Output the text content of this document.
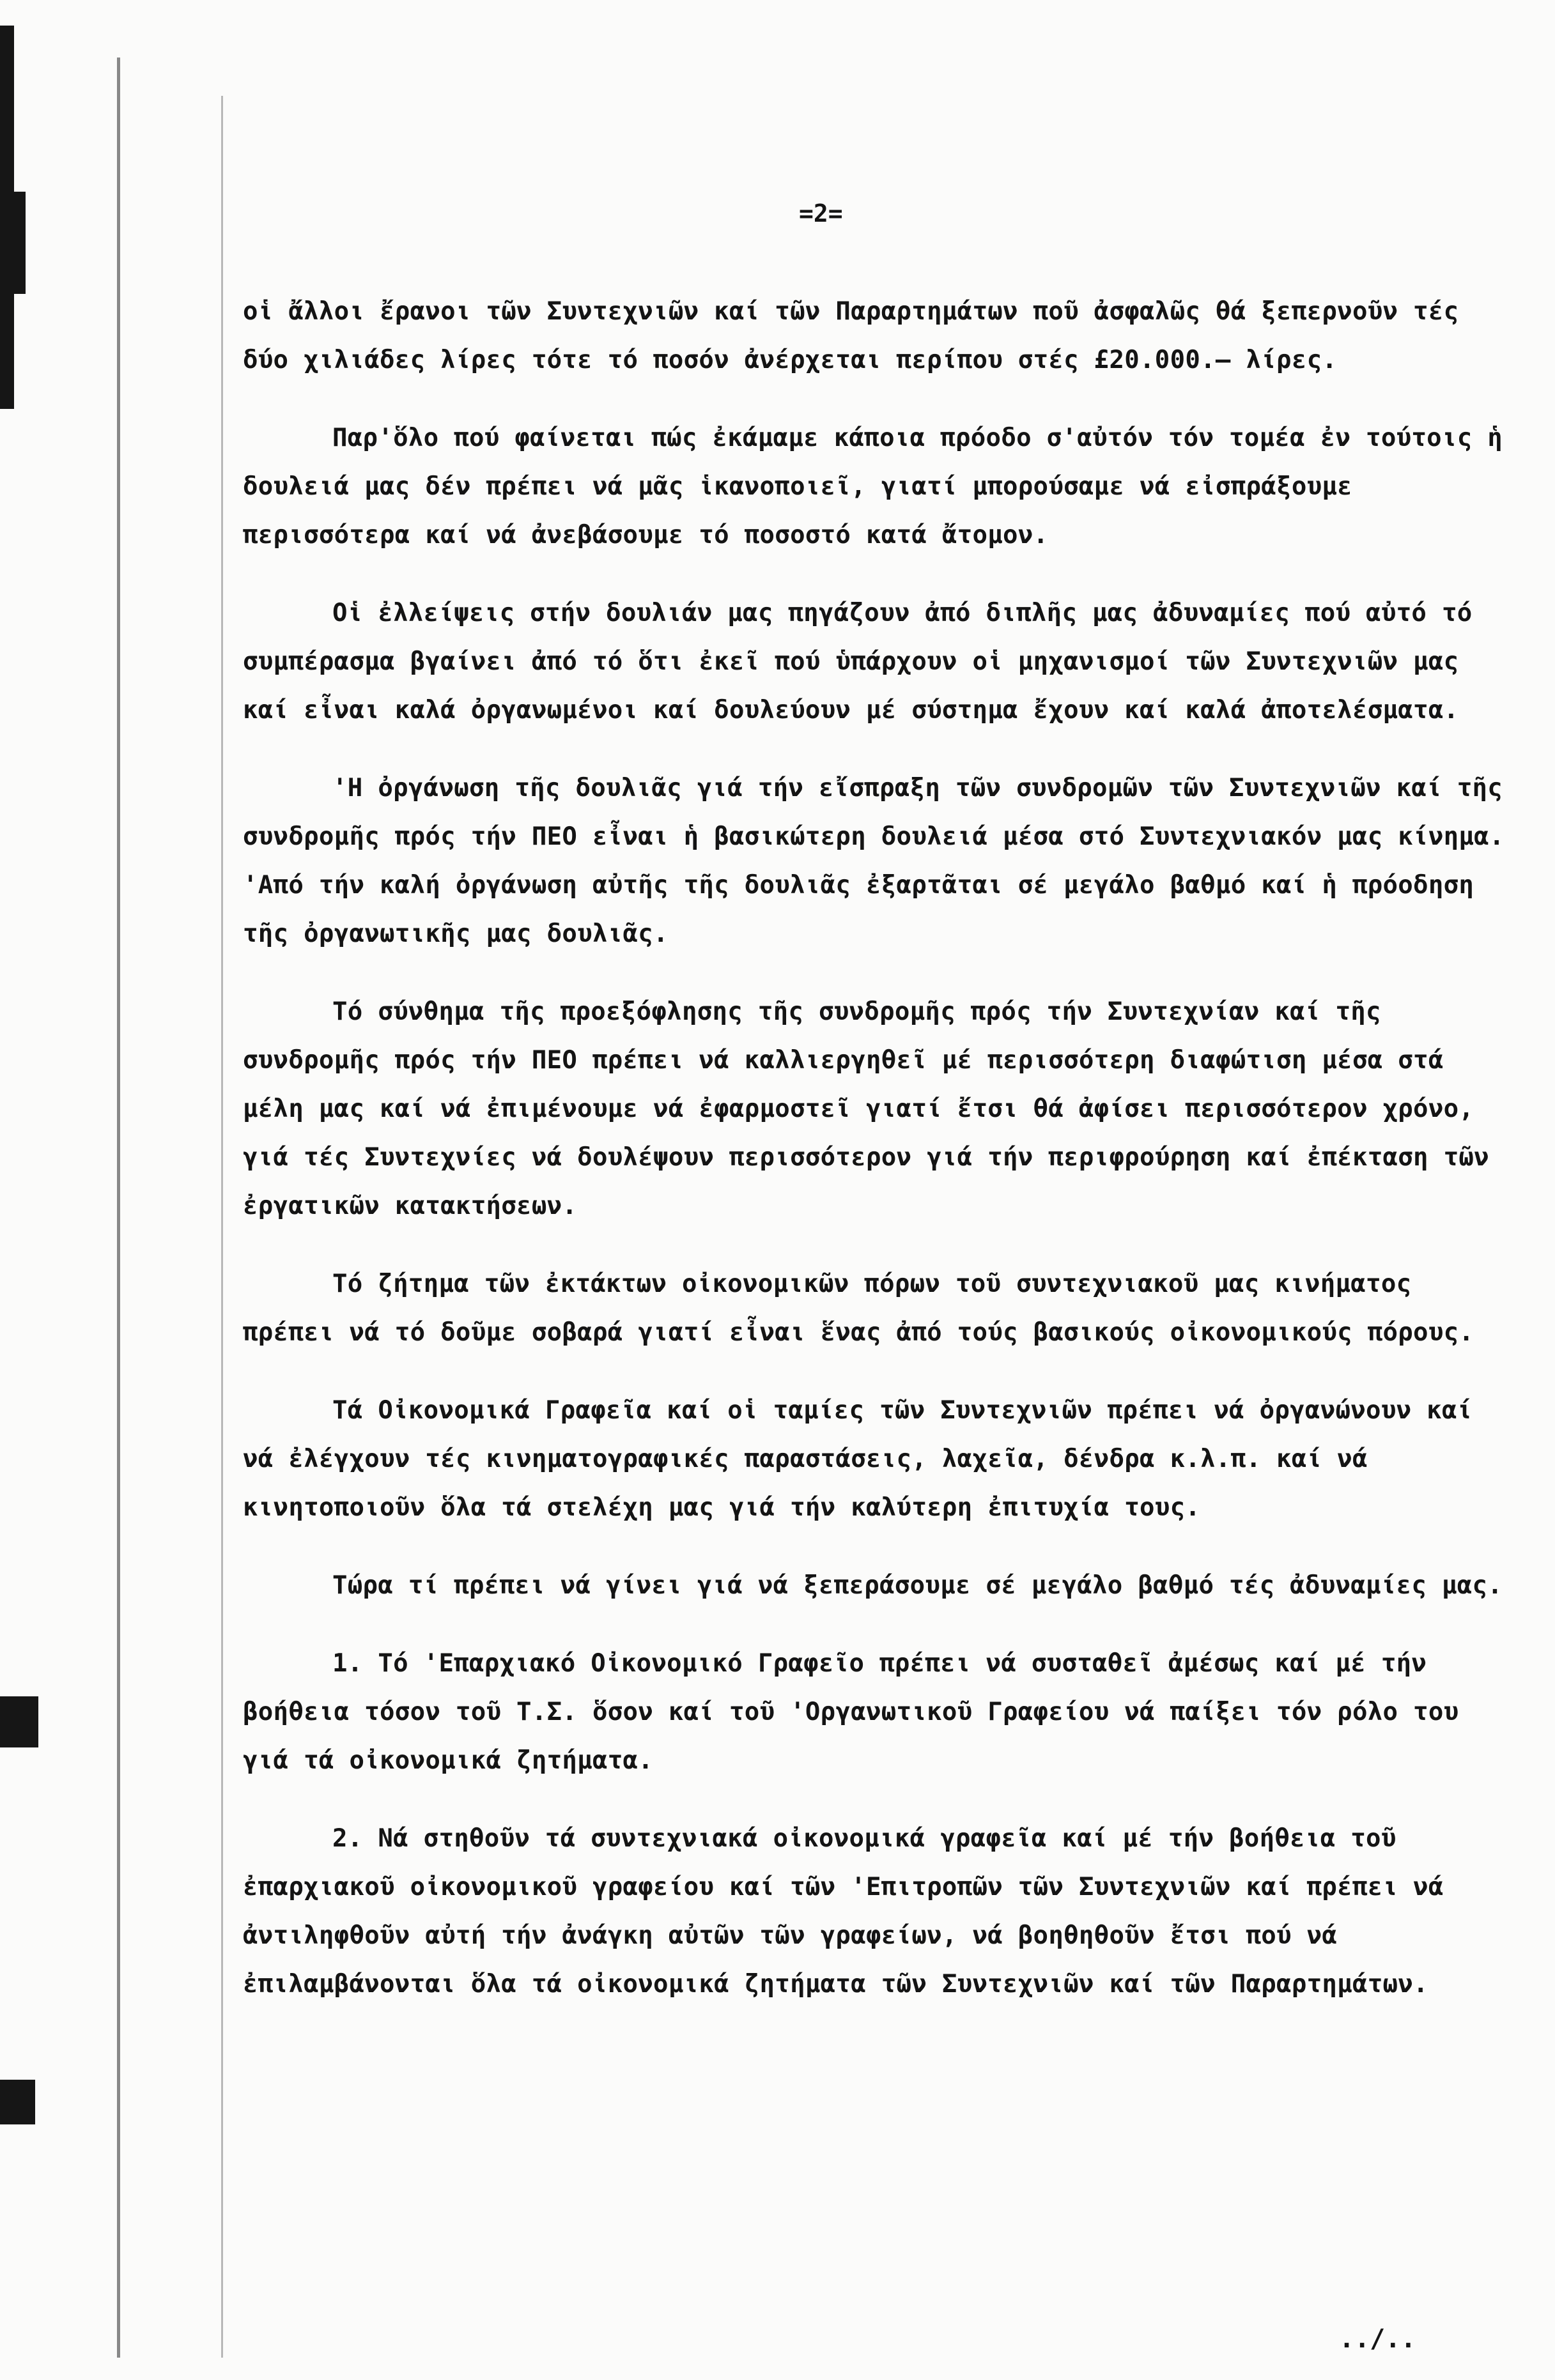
=2=

οἱ ἄλλοι ἔρανοι τῶν Συντεχνιῶν καί τῶν Παραρτημάτων ποῦ ἀσφαλῶς θά ξεπερνοῦν τές δύο χιλιάδες λίρες τότε τό ποσόν ἀνέρχεται περίπου στές £20.000.— λίρες.

Παρ'ὅλο πού φαίνεται πώς ἐκάμαμε κάποια πρόοδο σ'αὐτόν τόν τομέα ἐν τούτοις ἡ δουλειά μας δέν πρέπει νά μᾶς ἱκανοποιεῖ, γιατί μπορούσαμε νά εἰσπράξουμε περισσότερα καί νά ἀνεβάσουμε τό ποσοστό κατά ἄτομον.

Οἱ ἐλλείψεις στήν δουλιάν μας πηγάζουν ἀπό διπλῆς μας ἀδυναμίες πού αὐτό τό συμπέρασμα βγαίνει ἀπό τό ὅτι ἐκεῖ πού ὑπάρχουν οἱ μηχανισμοί τῶν Συντεχνιῶν μας καί εἶναι καλά ὀργανωμένοι καί δουλεύουν μέ σύστημα ἔχουν καί καλά ἀποτελέσματα.

'Η ὀργάνωση τῆς δουλιᾶς γιά τήν εἴσπραξη τῶν συνδρομῶν τῶν Συντεχνιῶν καί τῆς συνδρομῆς πρός τήν ΠΕΟ εἶναι ἡ βασικώτερη δουλειά μέσα στό Συντεχνιακόν μας κίνημα. 'Από τήν καλή ὀργάνωση αὐτῆς τῆς δουλιᾶς ἐξαρτᾶται σέ μεγάλο βαθμό καί ἡ πρόοδηση τῆς ὀργανωτικῆς μας δουλιᾶς.

Τό σύνθημα τῆς προεξόφλησης τῆς συνδρομῆς πρός τήν Συντεχνίαν καί τῆς συνδρομῆς πρός τήν ΠΕΟ πρέπει νά καλλιεργηθεῖ μέ περισσότερη διαφώτιση μέσα στά μέλη μας καί νά ἐπιμένουμε νά ἐφαρμοστεῖ γιατί ἔτσι θά ἀφίσει περισσότερον χρόνο, γιά τές Συντεχνίες νά δουλέψουν περισσότερον γιά τήν περιφρούρηση καί ἐπέκταση τῶν ἐργατικῶν κατακτήσεων.

Τό ζήτημα τῶν ἐκτάκτων οἰκονομικῶν πόρων τοῦ συντεχνιακοῦ μας κινήματος πρέπει νά τό δοῦμε σοβαρά γιατί εἶναι ἕνας ἀπό τούς βασικούς οἰκονομικούς πόρους.

Τά Οἰκονομικά Γραφεῖα καί οἱ ταμίες τῶν Συντεχνιῶν πρέπει νά ὀργανώνουν καί νά ἐλέγχουν τές κινηματογραφικές παραστάσεις, λαχεῖα, δένδρα κ.λ.π. καί νά κινητοποιοῦν ὅλα τά στελέχη μας γιά τήν καλύτερη ἐπιτυχία τους.

Τώρα τί πρέπει νά γίνει γιά νά ξεπεράσουμε σέ μεγάλο βαθμό τές ἀδυναμίες μας.

1. Τό 'Επαρχιακό Οἰκονομικό Γραφεῖο πρέπει νά συσταθεῖ ἀμέσως καί μέ τήν βοήθεια τόσον τοῦ Τ.Σ. ὅσον καί τοῦ 'Οργανωτικοῦ Γραφείου νά παίξει τόν ρόλο του γιά τά οἰκονομικά ζητήματα.

2. Νά στηθοῦν τά συντεχνιακά οἰκονομικά γραφεῖα καί μέ τήν βοήθεια τοῦ ἐπαρχιακοῦ οἰκονομικοῦ γραφείου καί τῶν 'Επιτροπῶν τῶν Συντεχνιῶν καί πρέπει νά ἀντιληφθοῦν αὐτή τήν ἀνάγκη αὐτῶν τῶν γραφείων, νά βοηθηθοῦν ἔτσι πού νά ἐπιλαμβάνονται ὅλα τά οἰκονομικά ζητήματα τῶν Συντεχνιῶν καί τῶν Παραρτημάτων.

../..
